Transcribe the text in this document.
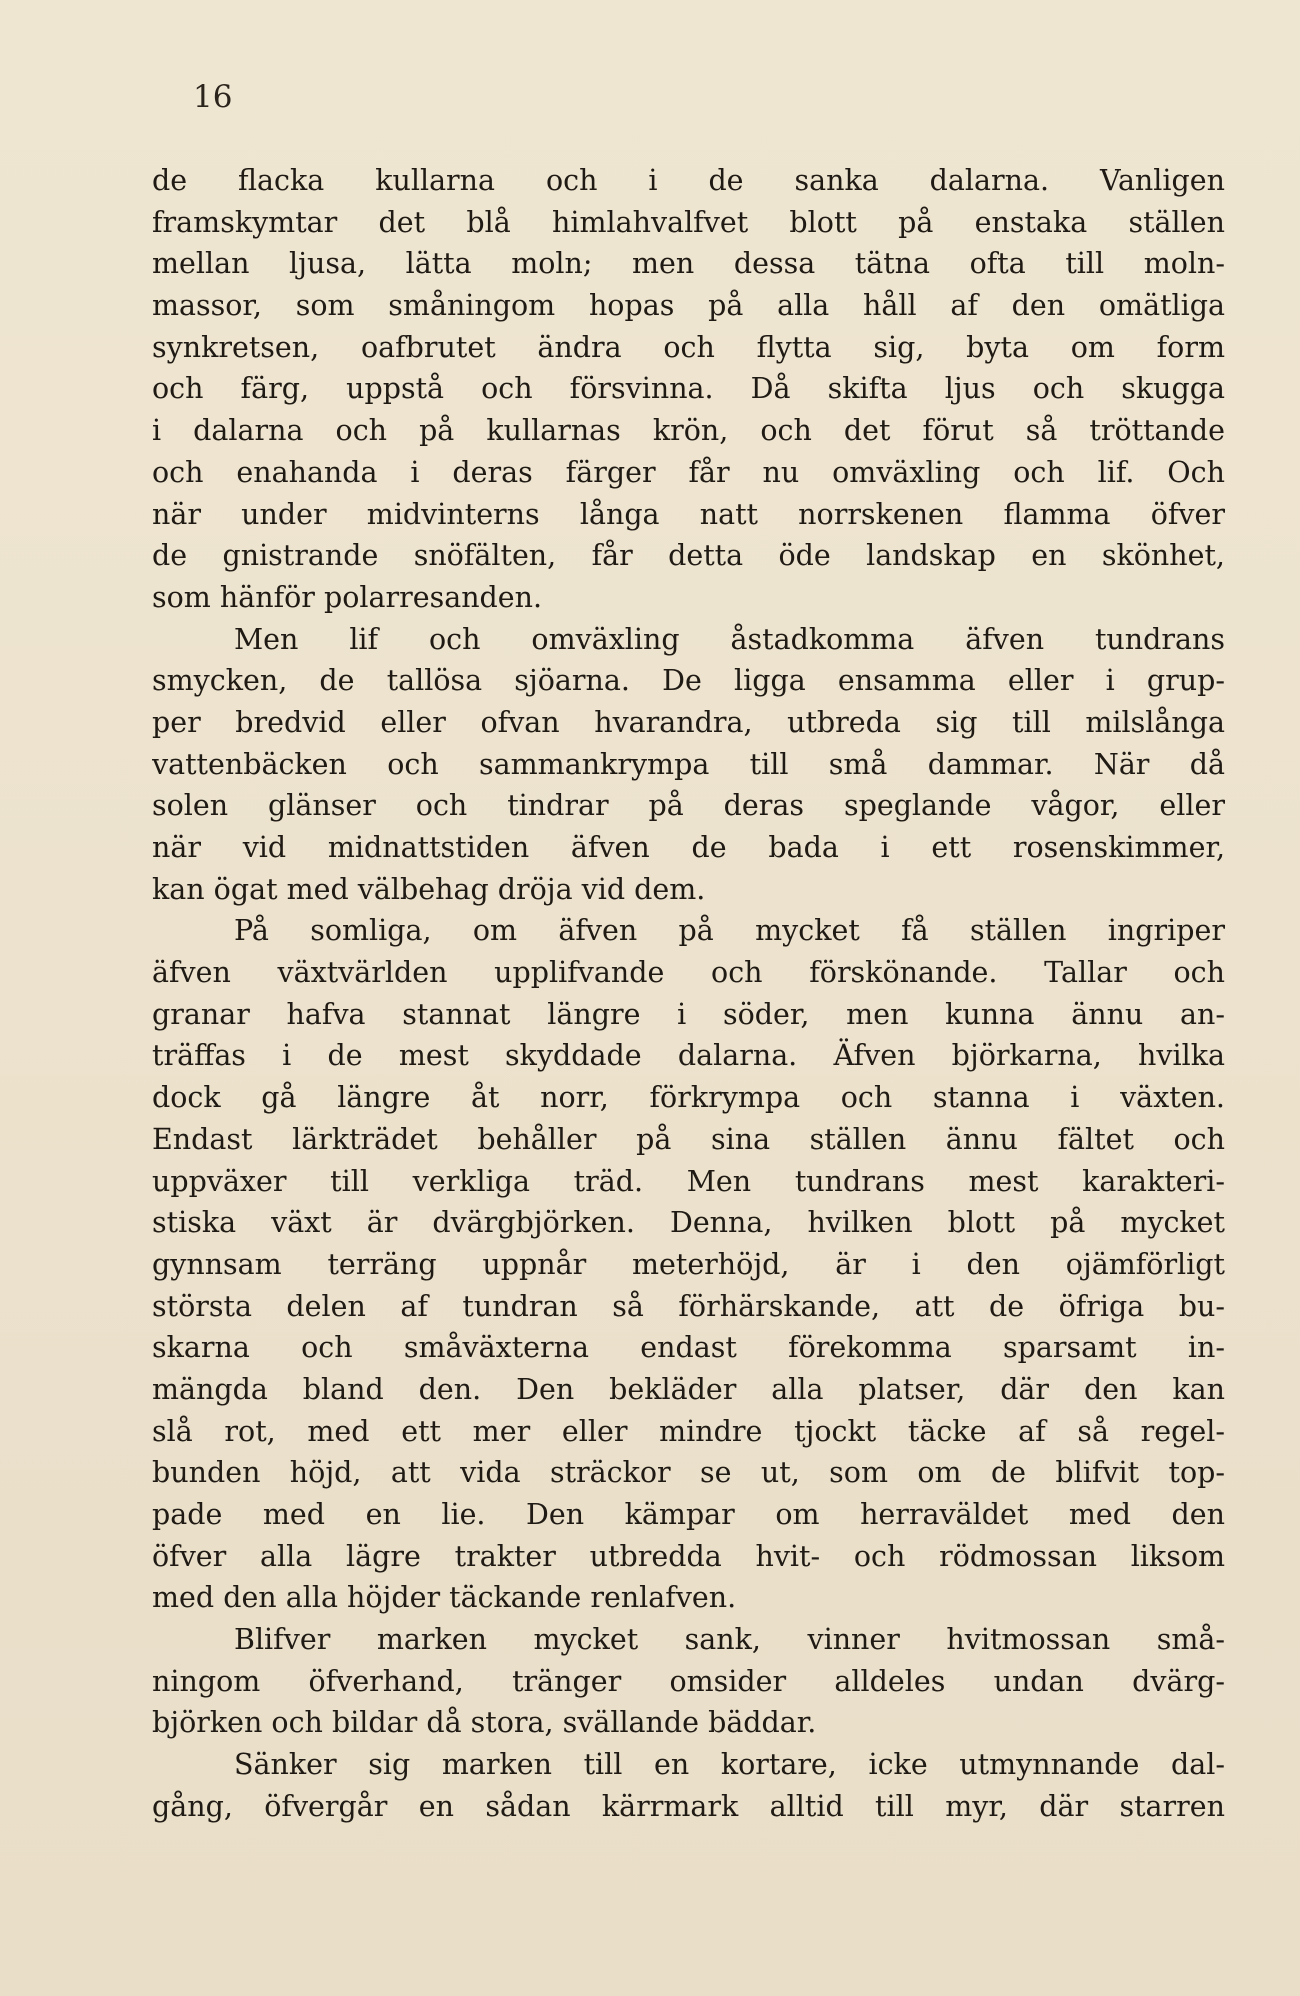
16
de flacka kullarna och i de sanka dalarna. Vanligen
framskymtar det blå himlahvalfvet blott på enstaka ställen
mellan ljusa, lätta moln; men dessa tätna ofta till moln-
massor, som småningom hopas på alla håll af den omätliga
synkretsen, oafbrutet ändra och flytta sig, byta om form
och färg, uppstå och försvinna. Då skifta ljus och skugga
i dalarna och på kullarnas krön, och det förut så tröttande
och enahanda i deras färger får nu omväxling och lif. Och
när under midvinterns långa natt norrskenen flamma öfver
de gnistrande snöfälten, får detta öde landskap en skönhet,
som hänför polarresanden.
Men lif och omväxling åstadkomma äfven tundrans
smycken, de tallösa sjöarna. De ligga ensamma eller i grup-
per bredvid eller ofvan hvarandra, utbreda sig till milslånga
vattenbäcken och sammankrympa till små dammar. När då
solen glänser och tindrar på deras speglande vågor, eller
när vid midnattstiden äfven de bada i ett rosenskimmer,
kan ögat med välbehag dröja vid dem.
På somliga, om äfven på mycket få ställen ingriper
äfven växtvärlden upplifvande och förskönande. Tallar och
granar hafva stannat längre i söder, men kunna ännu an-
träffas i de mest skyddade dalarna. Äfven björkarna, hvilka
dock gå längre åt norr, förkrympa och stanna i växten.
Endast lärkträdet behåller på sina ställen ännu fältet och
uppväxer till verkliga träd. Men tundrans mest karakteri-
stiska växt är dvärgbjörken. Denna, hvilken blott på mycket
gynnsam terräng uppnår meterhöjd, är i den ojämförligt
största delen af tundran så förhärskande, att de öfriga bu-
skarna och småväxterna endast förekomma sparsamt in-
mängda bland den. Den bekläder alla platser, där den kan
slå rot, med ett mer eller mindre tjockt täcke af så regel-
bunden höjd, att vida sträckor se ut, som om de blifvit top-
pade med en lie. Den kämpar om herraväldet med den
öfver alla lägre trakter utbredda hvit- och rödmossan liksom
med den alla höjder täckande renlafven.
Blifver marken mycket sank, vinner hvitmossan små-
ningom öfverhand, tränger omsider alldeles undan dvärg-
björken och bildar då stora, svällande bäddar.
Sänker sig marken till en kortare, icke utmynnande dal-
gång, öfvergår en sådan kärrmark alltid till myr, där starren
